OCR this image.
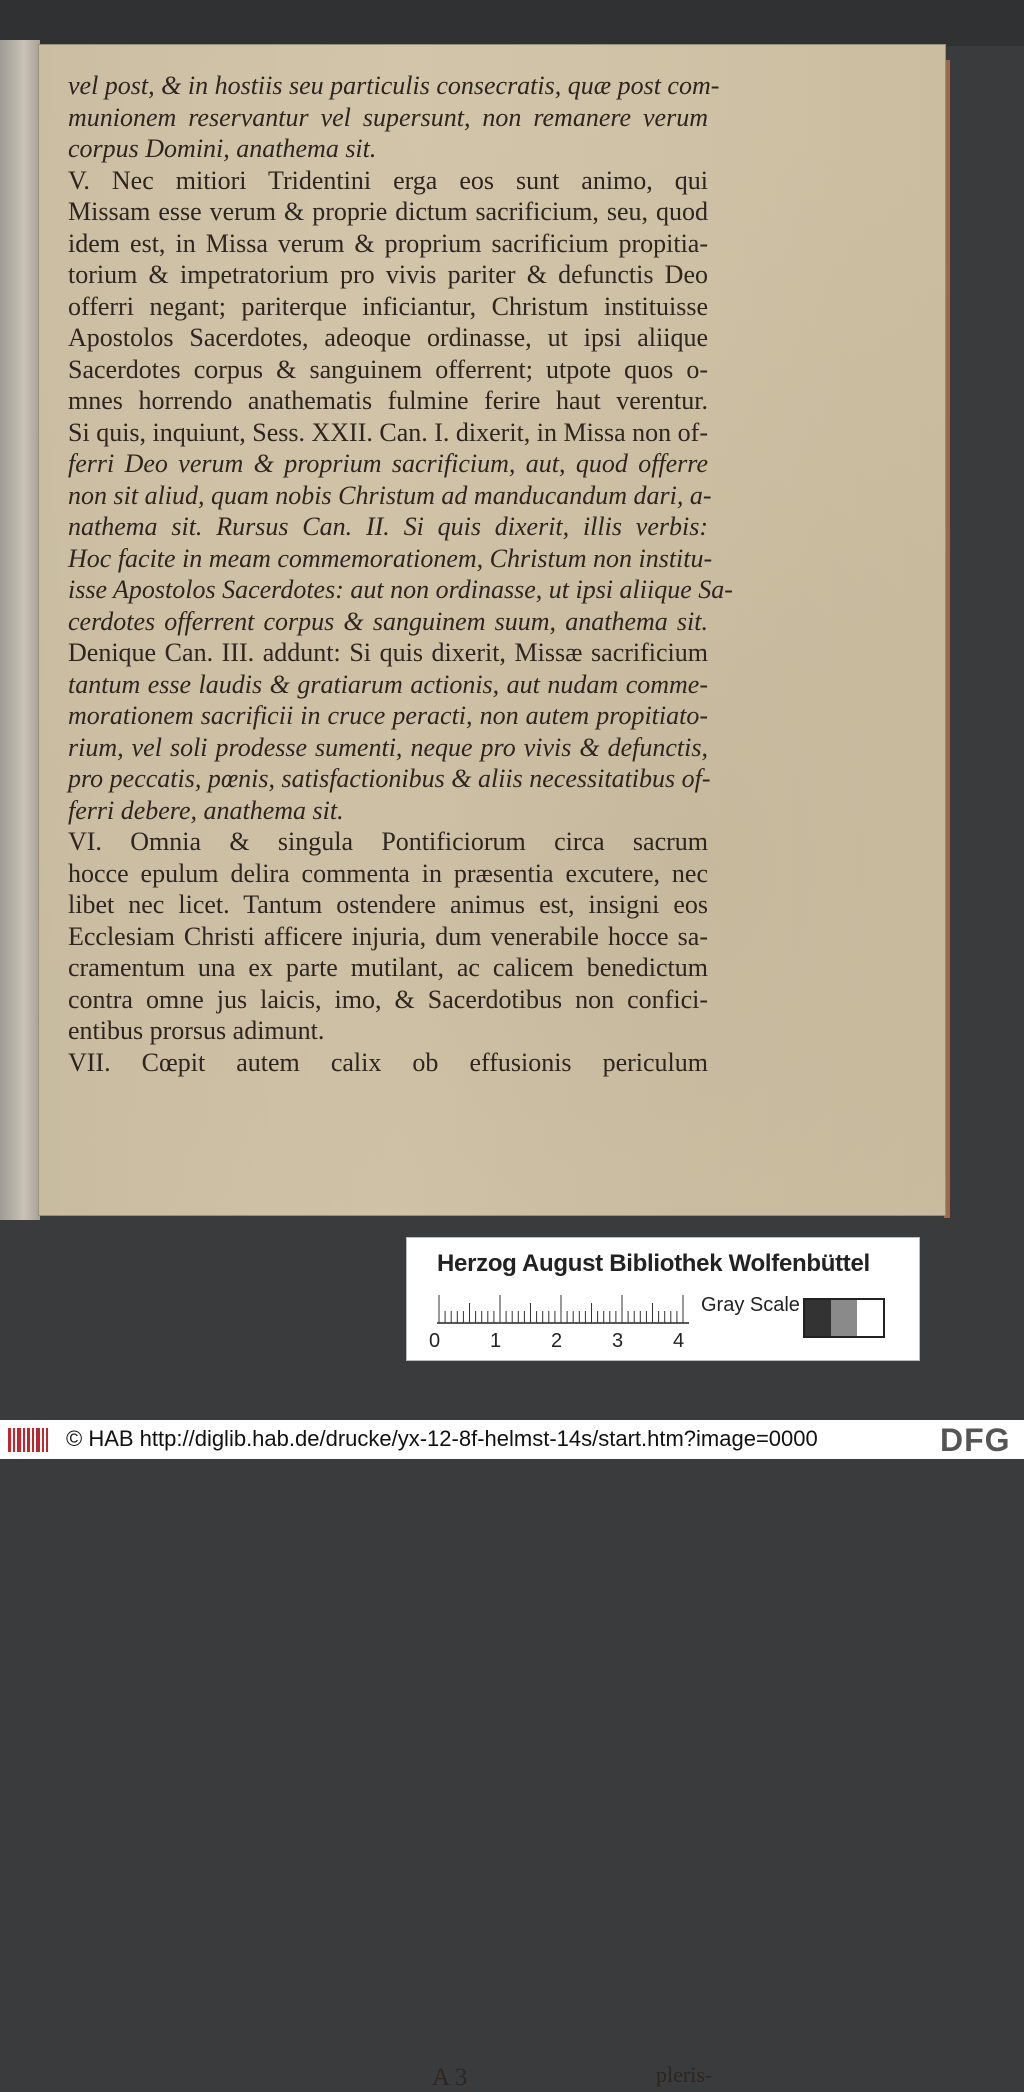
vel post, & in hostiis seu particulis consecratis, quæ post com-
munionem reservantur vel supersunt, non remanere verum
corpus Domini, anathema sit.
V. Nec mitiori Tridentini erga eos sunt animo, qui
Missam esse verum & proprie dictum sacrificium, seu, quod
idem est, in Missa verum & proprium sacrificium propitia-
torium & impetratorium pro vivis pariter & defunctis Deo
offerri negant; pariterque inficiantur, Christum instituisse
Apostolos Sacerdotes, adeoque ordinasse, ut ipsi aliique
Sacerdotes corpus & sanguinem offerrent; utpote quos o-
mnes horrendo anathematis fulmine ferire haut verentur.
Si quis, inquiunt, Sess. XXII. Can. I. dixerit, in Missa non of-
ferri Deo verum & proprium sacrificium, aut, quod offerre
non sit aliud, quam nobis Christum ad manducandum dari, a-
nathema sit. Rursus Can. II. Si quis dixerit, illis verbis:
Hoc facite in meam commemorationem, Christum non institu-
isse Apostolos Sacerdotes: aut non ordinasse, ut ipsi aliique Sa-
cerdotes offerrent corpus & sanguinem suum, anathema sit.
Denique Can. III. addunt: Si quis dixerit, Missæ sacrificium
tantum esse laudis & gratiarum actionis, aut nudam comme-
morationem sacrificii in cruce peracti, non autem propitiato-
rium, vel soli prodesse sumenti, neque pro vivis & defunctis,
pro peccatis, pœnis, satisfactionibus & aliis necessitatibus of-
ferri debere, anathema sit.
VI. Omnia & singula Pontificiorum circa sacrum
hocce epulum delira commenta in præsentia excutere, nec
libet nec licet. Tantum ostendere animus est, insigni eos
Ecclesiam Christi afficere injuria, dum venerabile hocce sa-
cramentum una ex parte mutilant, ac calicem benedictum
contra omne jus laicis, imo, & Sacerdotibus non confici-
entibus prorsus adimunt.
VII. Cœpit autem calix ob effusionis periculum
A 3	pleris-
Herzog August Bibliothek Wolfenbüttel
0 1 2 3 4
Gray Scale
© HAB http://diglib.hab.de/drucke/yx-12-8f-helmst-14s/start.htm?image=0000	DFG
